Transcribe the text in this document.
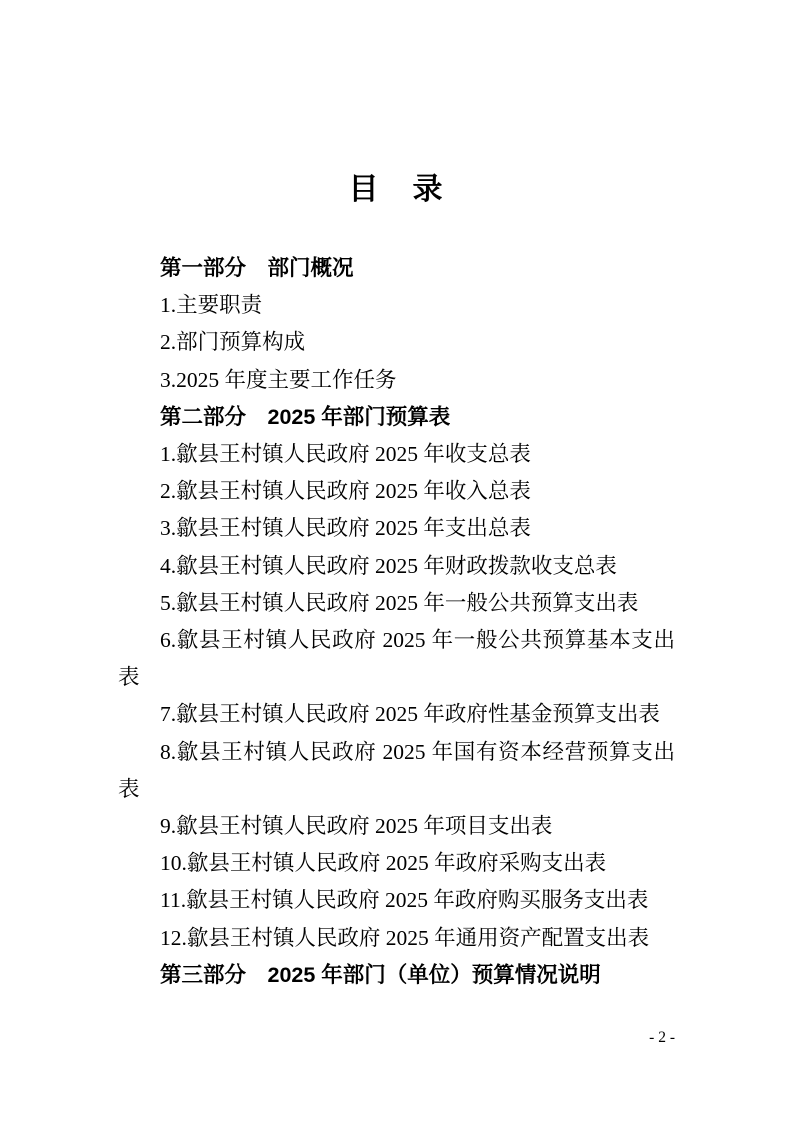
目　录

第一部分　部门概况

1.主要职责

2.部门预算构成

3.2025 年度主要工作任务

第二部分　2025 年部门预算表

1.歙县王村镇人民政府 2025 年收支总表

2.歙县王村镇人民政府 2025 年收入总表

3.歙县王村镇人民政府 2025 年支出总表

4.歙县王村镇人民政府 2025 年财政拨款收支总表

5.歙县王村镇人民政府 2025 年一般公共预算支出表

6.歙县王村镇人民政府 2025 年一般公共预算基本支出表

7.歙县王村镇人民政府 2025 年政府性基金预算支出表

8.歙县王村镇人民政府 2025 年国有资本经营预算支出表

9.歙县王村镇人民政府 2025 年项目支出表

10.歙县王村镇人民政府 2025 年政府采购支出表

11.歙县王村镇人民政府 2025 年政府购买服务支出表

12.歙县王村镇人民政府 2025 年通用资产配置支出表

第三部分　2025 年部门（单位）预算情况说明

- 2 -
